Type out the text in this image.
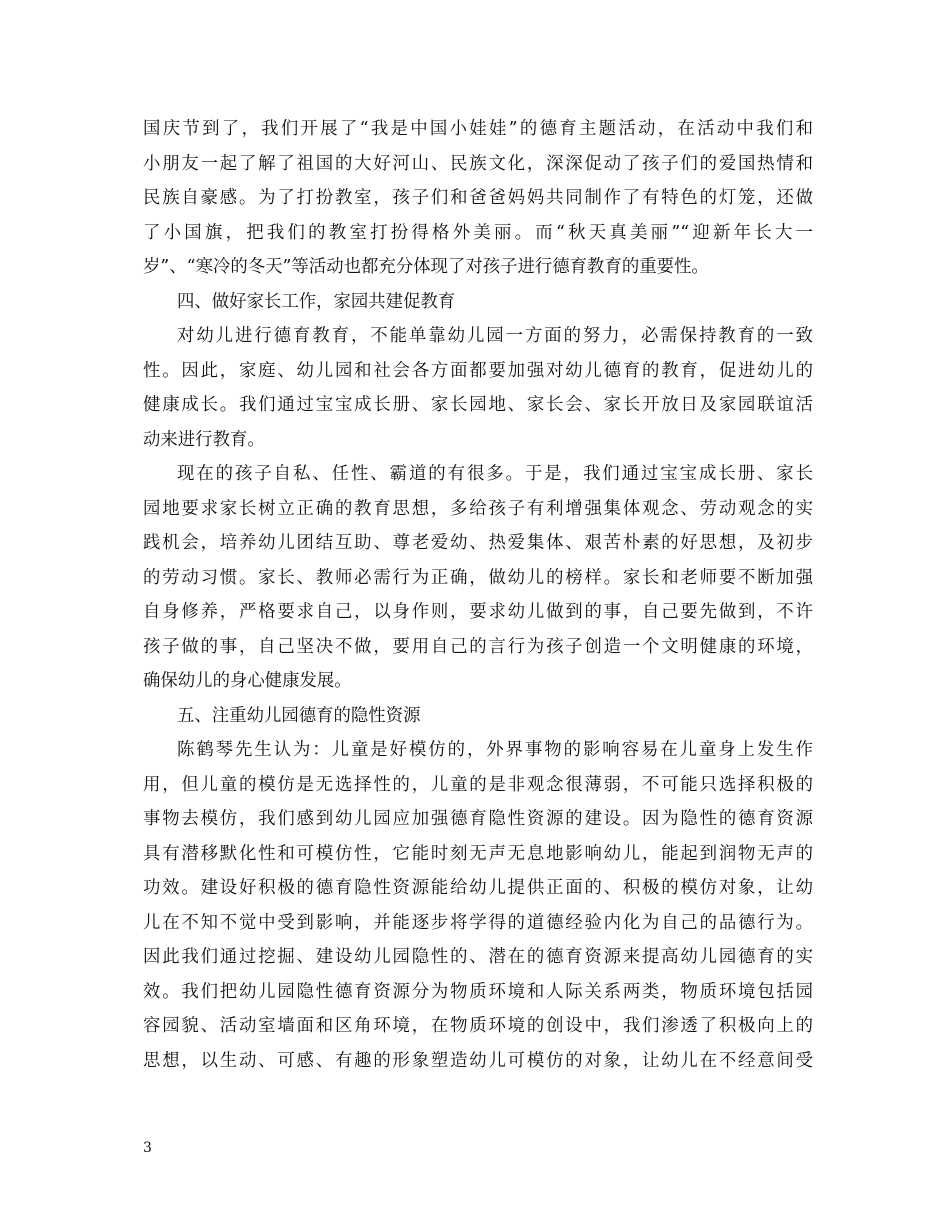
国庆节到了，我们开展了“我是中国小娃娃”的德育主题活动，在活动中我们和
小朋友一起了解了祖国的大好河山、民族文化，深深促动了孩子们的爱国热情和
民族自豪感。为了打扮教室，孩子们和爸爸妈妈共同制作了有特色的灯笼，还做
了小国旗，把我们的教室打扮得格外美丽。而“秋天真美丽”“迎新年长大一
岁”、“寒冷的冬天”等活动也都充分体现了对孩子进行德育教育的重要性。
四、做好家长工作，家园共建促教育
对幼儿进行德育教育，不能单靠幼儿园一方面的努力，必需保持教育的一致
性。因此，家庭、幼儿园和社会各方面都要加强对幼儿德育的教育，促进幼儿的
健康成长。我们通过宝宝成长册、家长园地、家长会、家长开放日及家园联谊活
动来进行教育。
现在的孩子自私、任性、霸道的有很多。于是，我们通过宝宝成长册、家长
园地要求家长树立正确的教育思想，多给孩子有利增强集体观念、劳动观念的实
践机会，培养幼儿团结互助、尊老爱幼、热爱集体、艰苦朴素的好思想，及初步
的劳动习惯。家长、教师必需行为正确，做幼儿的榜样。家长和老师要不断加强
自身修养，严格要求自己，以身作则，要求幼儿做到的事，自己要先做到，不许
孩子做的事，自己坚决不做，要用自己的言行为孩子创造一个文明健康的环境，
确保幼儿的身心健康发展。
五、注重幼儿园德育的隐性资源
陈鹤琴先生认为：儿童是好模仿的，外界事物的影响容易在儿童身上发生作
用，但儿童的模仿是无选择性的，儿童的是非观念很薄弱，不可能只选择积极的
事物去模仿，我们感到幼儿园应加强德育隐性资源的建设。因为隐性的德育资源
具有潜移默化性和可模仿性，它能时刻无声无息地影响幼儿，能起到润物无声的
功效。建设好积极的德育隐性资源能给幼儿提供正面的、积极的模仿对象，让幼
儿在不知不觉中受到影响，并能逐步将学得的道德经验内化为自己的品德行为。
因此我们通过挖掘、建设幼儿园隐性的、潜在的德育资源来提高幼儿园德育的实
效。我们把幼儿园隐性德育资源分为物质环境和人际关系两类，物质环境包括园
容园貌、活动室墙面和区角环境，在物质环境的创设中，我们渗透了积极向上的
思想，以生动、可感、有趣的形象塑造幼儿可模仿的对象，让幼儿在不经意间受
3
